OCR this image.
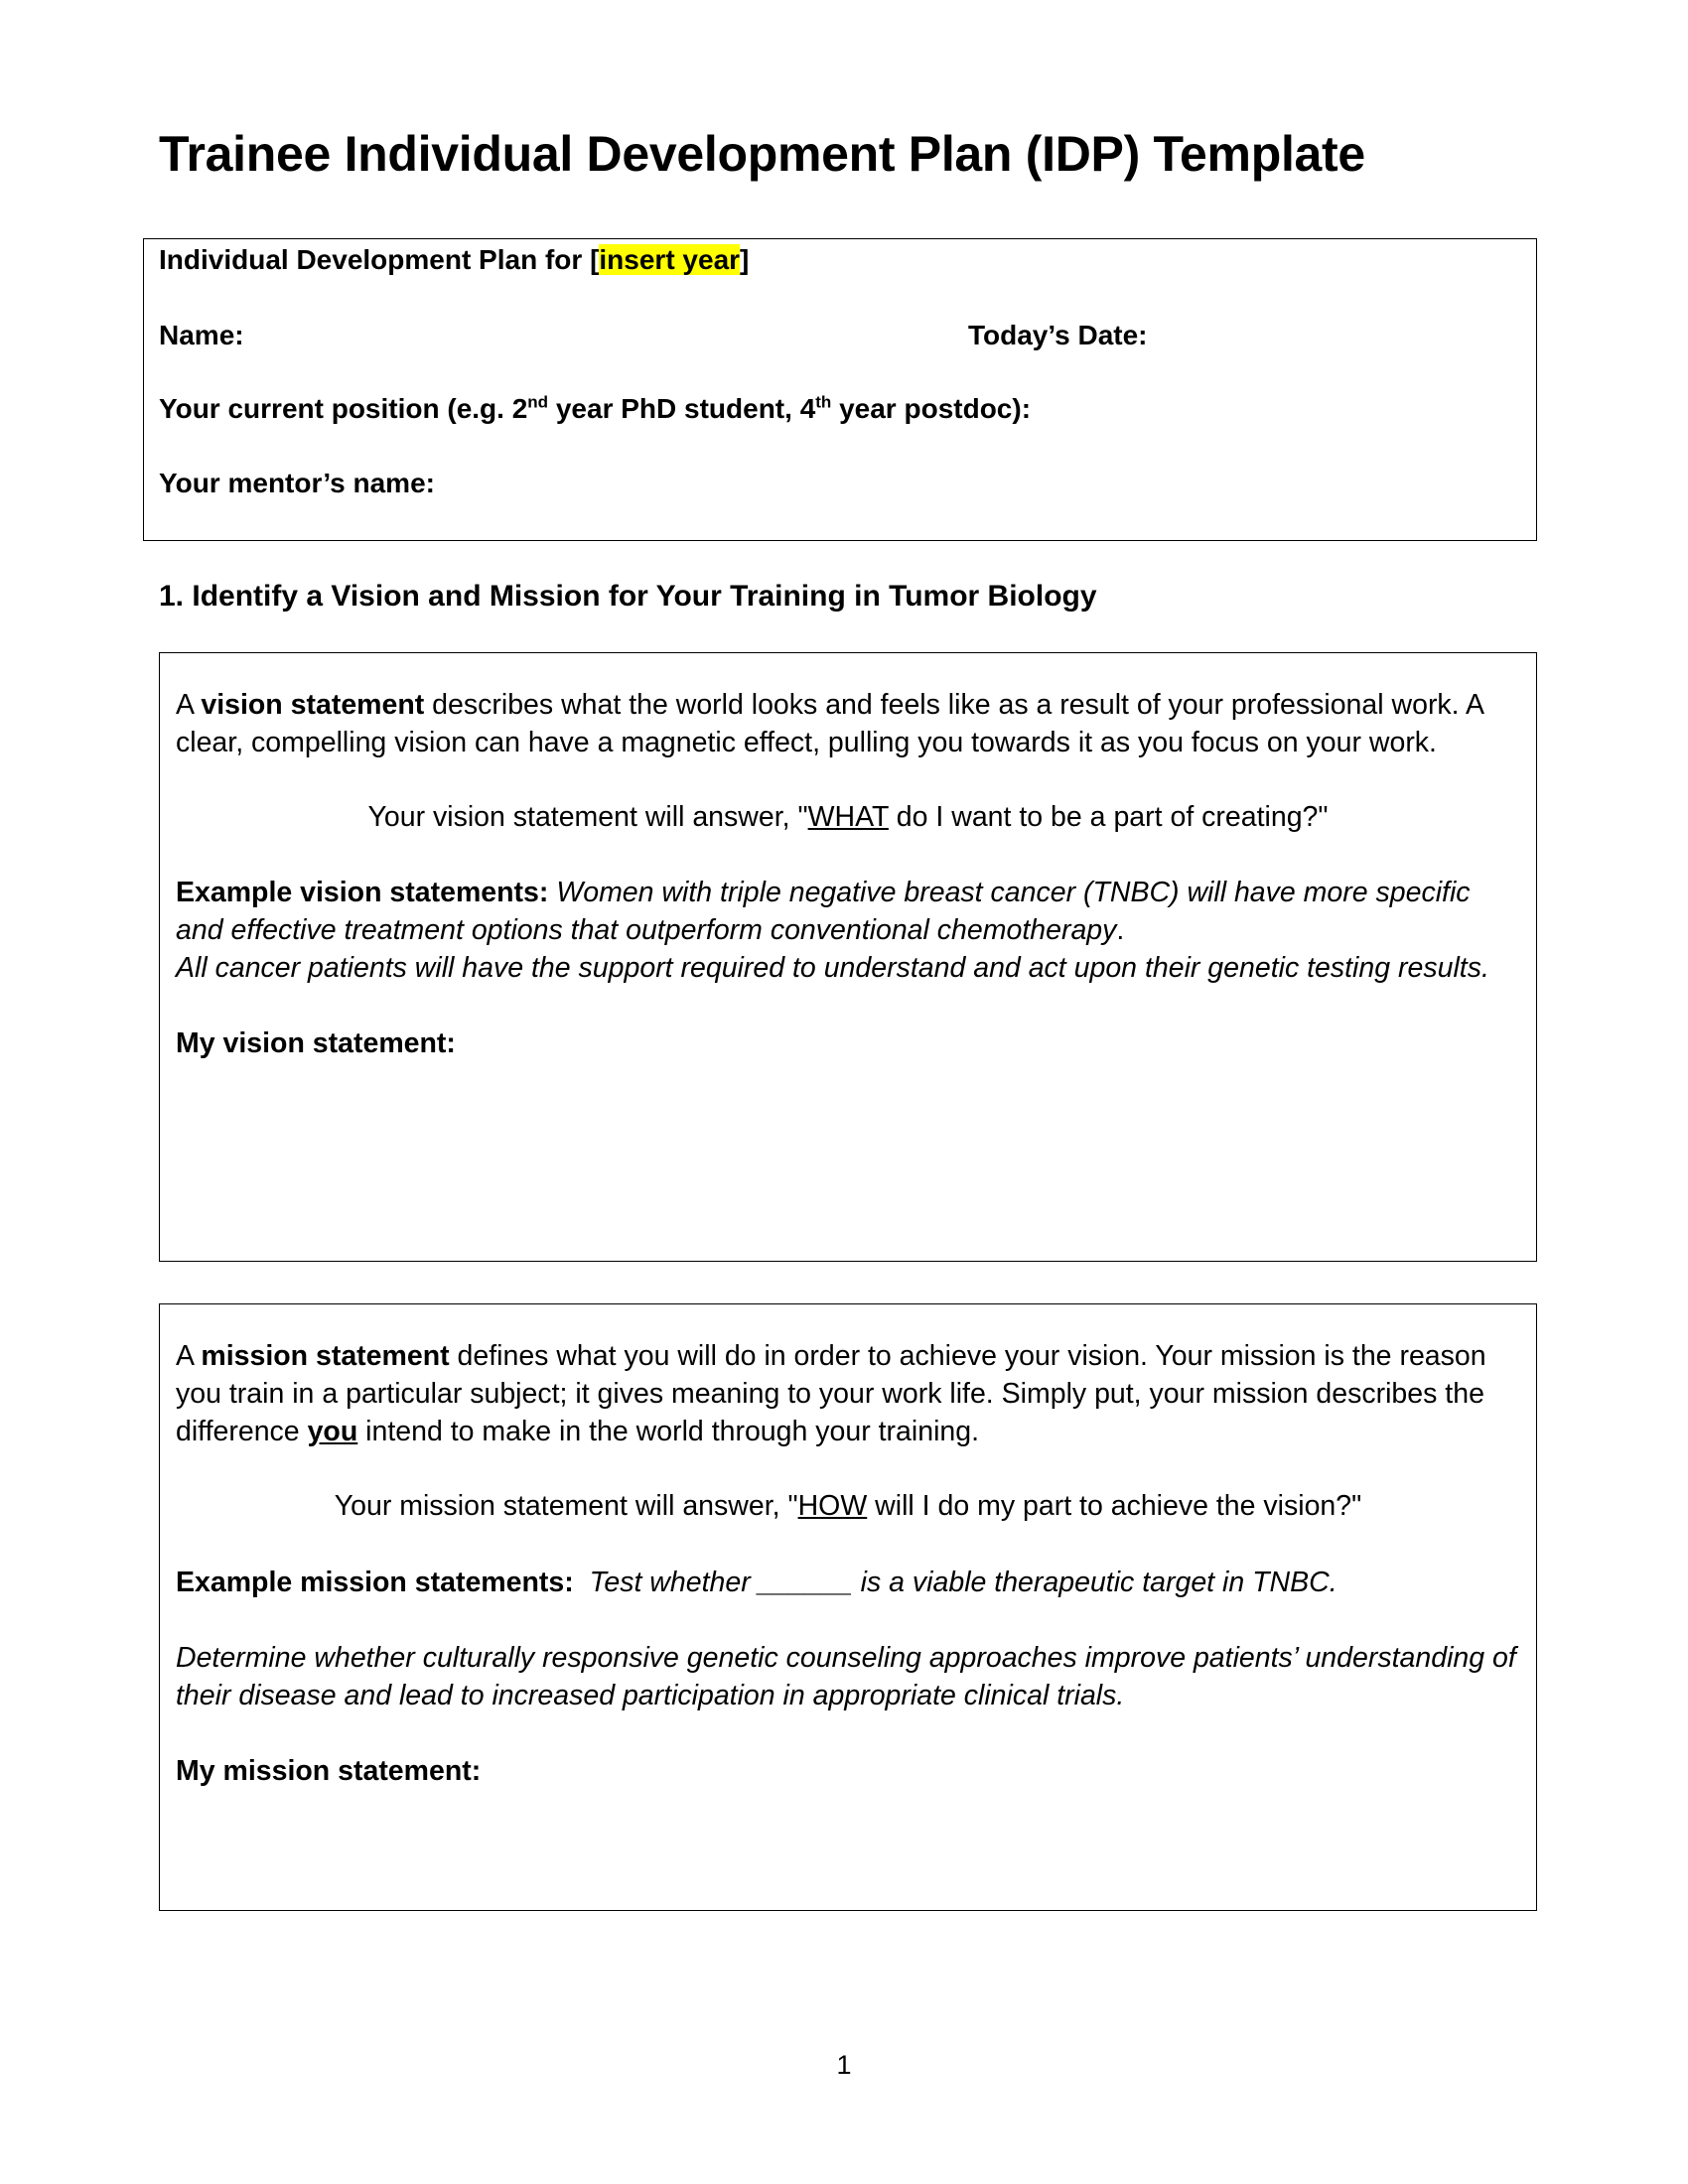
Trainee Individual Development Plan (IDP) Template
Individual Development Plan for [insert year]
Name:	Today’s Date:
Your current position (e.g. 2nd year PhD student, 4th year postdoc):
Your mentor’s name:
1. Identify a Vision and Mission for Your Training in Tumor Biology

A vision statement describes what the world looks and feels like as a result of your professional work. A clear, compelling vision can have a magnetic effect, pulling you towards it as you focus on your work.

Your vision statement will answer, "WHAT do I want to be a part of creating?"

Example vision statements: Women with triple negative breast cancer (TNBC) will have more specific and effective treatment options that outperform conventional chemotherapy.

All cancer patients will have the support required to understand and act upon their genetic testing results.

My vision statement:

A mission statement defines what you will do in order to achieve your vision. Your mission is the reason you train in a particular subject; it gives meaning to your work life. Simply put, your mission describes the difference you intend to make in the world through your training.

Your mission statement will answer, "HOW will I do my part to achieve the vision?"

Example mission statements: Test whether ______ is a viable therapeutic target in TNBC.

Determine whether culturally responsive genetic counseling approaches improve patients’ understanding of their disease and lead to increased participation in appropriate clinical trials.

My mission statement:

1
